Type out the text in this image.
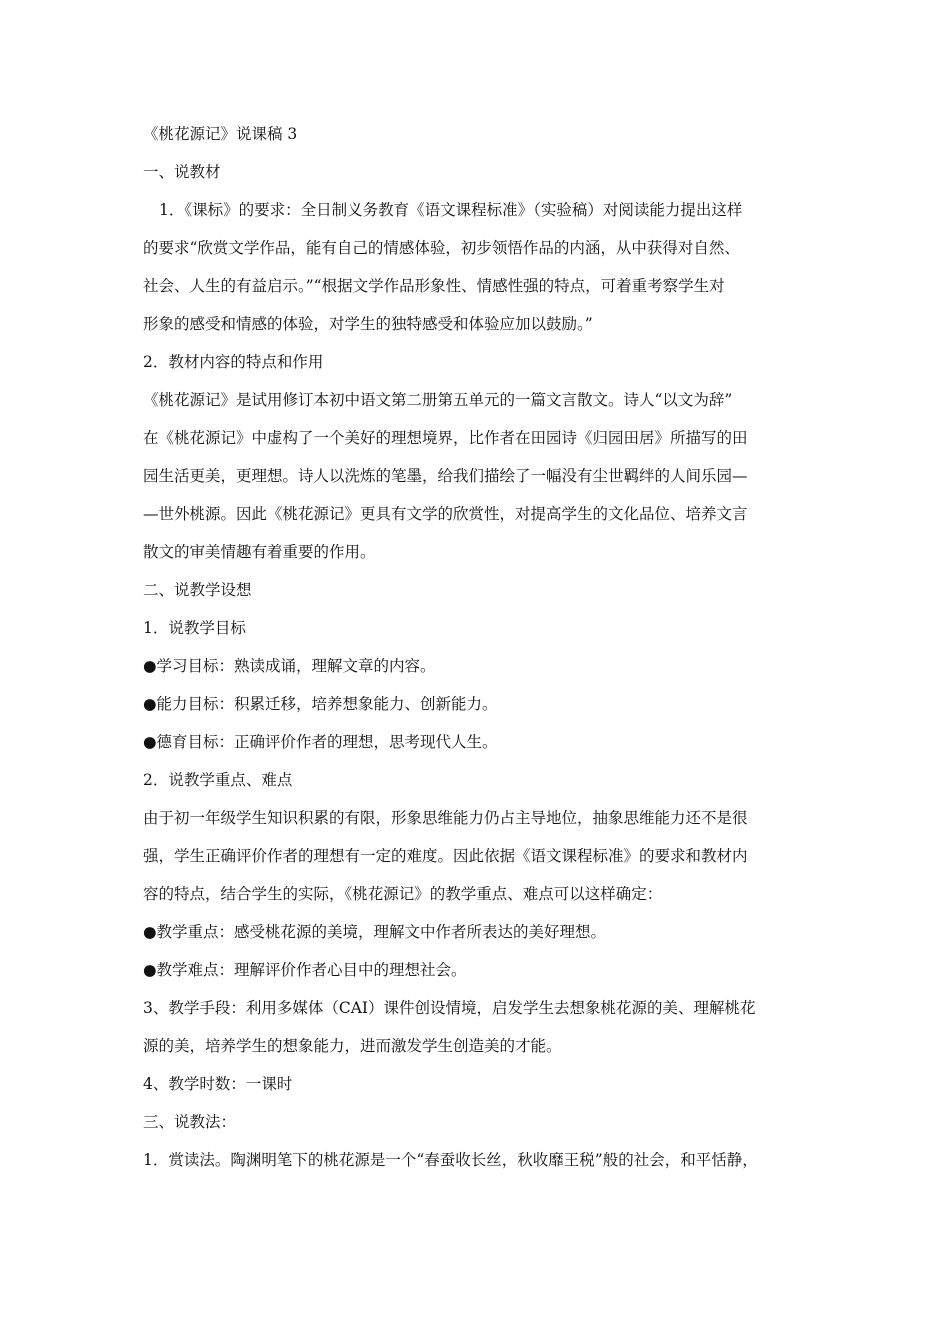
《桃花源记》说课稿 3

一、说教材

1．《课标》的要求：全日制义务教育《语文课程标准》（实验稿）对阅读能力提出这样

的要求“欣赏文学作品，能有自己的情感体验，初步领悟作品的内涵，从中获得对自然、

社会、人生的有益启示。”“根据文学作品形象性、情感性强的特点，可着重考察学生对

形象的感受和情感的体验，对学生的独特感受和体验应加以鼓励。”

2．教材内容的特点和作用

《桃花源记》是试用修订本初中语文第二册第五单元的一篇文言散文。诗人“以文为辞”

在《桃花源记》中虚构了一个美好的理想境界，比作者在田园诗《归园田居》所描写的田

园生活更美，更理想。诗人以洗炼的笔墨，给我们描绘了一幅没有尘世羁绊的人间乐园—

—世外桃源。因此《桃花源记》更具有文学的欣赏性，对提高学生的文化品位、培养文言

散文的审美情趣有着重要的作用。

二、说教学设想

1．说教学目标

●学习目标：熟读成诵，理解文章的内容。

●能力目标：积累迁移，培养想象能力、创新能力。

●德育目标：正确评价作者的理想，思考现代人生。

2．说教学重点、难点

由于初一年级学生知识积累的有限，形象思维能力仍占主导地位，抽象思维能力还不是很

强，学生正确评价作者的理想有一定的难度。因此依据《语文课程标准》的要求和教材内

容的特点，结合学生的实际，《桃花源记》的教学重点、难点可以这样确定：

●教学重点：感受桃花源的美境，理解文中作者所表达的美好理想。

●教学难点：理解评价作者心目中的理想社会。

3、教学手段：利用多媒体（CAI）课件创设情境，启发学生去想象桃花源的美、理解桃花

源的美，培养学生的想象能力，进而激发学生创造美的才能。

4、教学时数：一课时

三、说教法：

1．赏读法。陶渊明笔下的桃花源是一个“春蚕收长丝，秋收靡王税”般的社会，和平恬静，
